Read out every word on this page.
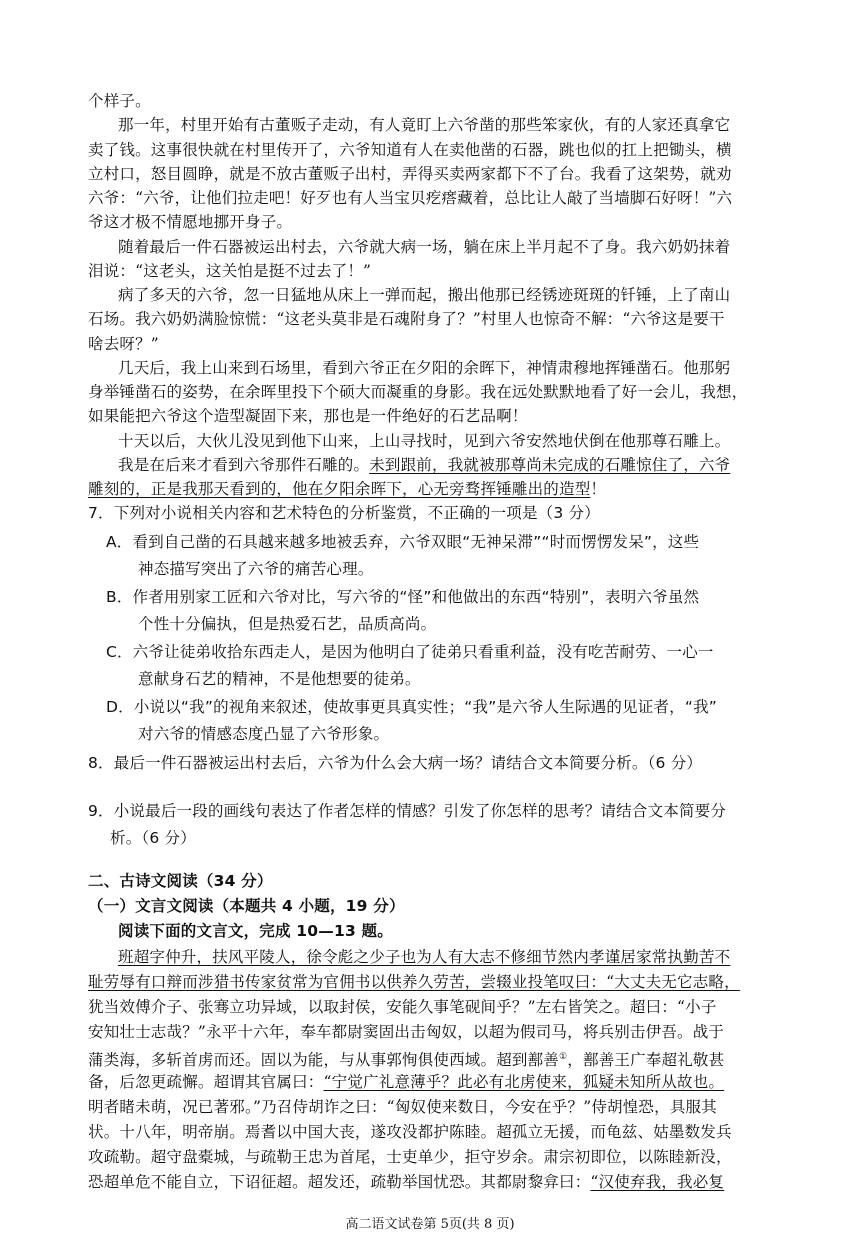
个样子。
那一年，村里开始有古董贩子走动，有人竟盯上六爷凿的那些笨家伙，有的人家还真拿它
卖了钱。这事很快就在村里传开了，六爷知道有人在卖他凿的石器，跳也似的扛上把锄头，横
立村口，怒目圆睁，就是不放古董贩子出村，弄得买卖两家都下不了台。我看了这架势，就劝
六爷：“六爷，让他们拉走吧！好歹也有人当宝贝疙瘩藏着，总比让人敲了当墙脚石好呀！”六
爷这才极不情愿地挪开身子。
随着最后一件石器被运出村去，六爷就大病一场，躺在床上半月起不了身。我六奶奶抹着
泪说：“这老头，这关怕是挺不过去了！”
病了多天的六爷，忽一日猛地从床上一弹而起，搬出他那已经锈迹斑斑的钎锤，上了南山
石场。我六奶奶满脸惊慌：“这老头莫非是石魂附身了？”村里人也惊奇不解：“六爷这是要干
啥去呀？”
几天后，我上山来到石场里，看到六爷正在夕阳的余晖下，神情肃穆地挥锤凿石。他那躬
身举锤凿石的姿势，在余晖里投下个硕大而凝重的身影。我在远处默默地看了好一会儿，我想，
如果能把六爷这个造型凝固下来，那也是一件绝好的石艺品啊！
十天以后，大伙儿没见到他下山来，上山寻找时，见到六爷安然地伏倒在他那尊石雕上。
我是在后来才看到六爷那件石雕的。未到跟前，我就被那尊尚未完成的石雕惊住了，六爷
雕刻的，正是我那天看到的，他在夕阳余晖下，心无旁骛挥锤雕出的造型！
7．下列对小说相关内容和艺术特色的分析鉴赏，不正确的一项是（3 分）
A．看到自己凿的石具越来越多地被丢弃，六爷双眼“无神呆滞”“时而愣愣发呆”，这些
神态描写突出了六爷的痛苦心理。
B．作者用别家工匠和六爷对比，写六爷的“怪”和他做出的东西“特别”，表明六爷虽然
个性十分偏执，但是热爱石艺，品质高尚。
C．六爷让徒弟收拾东西走人，是因为他明白了徒弟只看重利益，没有吃苦耐劳、一心一
意献身石艺的精神，不是他想要的徒弟。
D．小说以“我”的视角来叙述，使故事更具真实性；“我”是六爷人生际遇的见证者，“我”
对六爷的情感态度凸显了六爷形象。
8．最后一件石器被运出村去后，六爷为什么会大病一场？请结合文本简要分析。（6 分）
9．小说最后一段的画线句表达了作者怎样的情感？引发了你怎样的思考？请结合文本简要分
析。（6 分）
二、古诗文阅读（34 分）
（一）文言文阅读（本题共 4 小题，19 分）
阅读下面的文言文，完成 10—13 题。
班超字仲升，扶风平陵人，徐令彪之少子也为人有大志不修细节然内孝谨居家常执勤苦不
耻劳辱有口辩而涉猎书传家贫常为官佣书以供养久劳苦，尝辍业投笔叹曰：“大丈夫无它志略，
犹当效傅介子、张骞立功异域，以取封侯，安能久事笔砚间乎？”左右皆笑之。超曰：“小子
安知壮士志哉？”永平十六年，奉车都尉窦固出击匈奴，以超为假司马，将兵别击伊吾。战于
蒲类海，多斩首虏而还。固以为能，与从事郭恂俱使西域。超到鄯善①，鄯善王广奉超礼敬甚
备，后忽更疏懈。超谓其官属曰：“宁觉广礼意薄乎？此必有北虏使来，狐疑未知所从故也。
明者睹未萌，况已著邪。”乃召侍胡诈之曰：“匈奴使来数日，今安在乎？”侍胡惶恐，具服其
状。十八年，明帝崩。焉耆以中国大丧，遂攻没都护陈睦。超孤立无援，而龟兹、姑墨数发兵
攻疏勒。超守盘橐城，与疏勒王忠为首尾，士吏单少，拒守岁余。肃宗初即位，以陈睦新没，
恐超单危不能自立，下诏征超。超发还，疏勒举国忧恐。其都尉黎弇曰：“汉使弃我，我必复
高二语文试卷第 5页(共 8 页)
